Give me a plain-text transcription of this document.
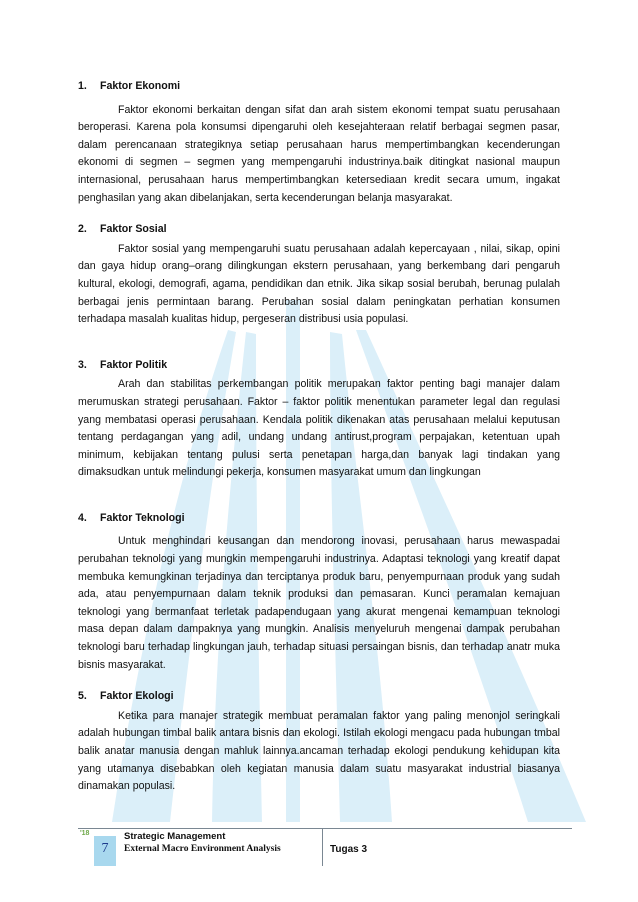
1. Faktor Ekonomi

Faktor ekonomi berkaitan dengan sifat dan arah sistem ekonomi tempat suatu perusahaan beroperasi. Karena pola konsumsi dipengaruhi oleh kesejahteraan relatif berbagai segmen pasar, dalam perencanaan strategiknya setiap perusahaan harus mempertimbangkan kecenderungan ekonomi di segmen – segmen yang mempengaruhi industrinya.baik ditingkat nasional maupun internasional, perusahaan harus mempertimbangkan ketersediaan kredit secara umum, ingakat penghasilan yang akan dibelanjakan, serta kecenderungan belanja masyarakat.

2. Faktor Sosial

Faktor sosial yang mempengaruhi suatu perusahaan adalah kepercayaan , nilai, sikap, opini dan gaya hidup orang–orang dilingkungan ekstern perusahaan, yang berkembang dari pengaruh kultural, ekologi, demografi, agama, pendidikan dan etnik. Jika sikap sosial berubah, berunag pulalah berbagai jenis permintaan barang. Perubahan sosial dalam peningkatan perhatian konsumen terhadapa masalah kualitas hidup, pergeseran distribusi usia populasi.

3. Faktor Politik

Arah dan stabilitas perkembangan politik merupakan faktor penting bagi manajer dalam merumuskan strategi perusahaan. Faktor – faktor politik menentukan parameter legal dan regulasi yang membatasi operasi perusahaan. Kendala politik dikenakan atas perusahaan melalui keputusan tentang perdagangan yang adil, undang undang antirust,program perpajakan, ketentuan upah minimum, kebijakan tentang pulusi serta penetapan harga,dan banyak lagi tindakan yang dimaksudkan untuk melindungi pekerja, konsumen masyarakat umum dan lingkungan

4. Faktor Teknologi

Untuk menghindari keusangan dan mendorong inovasi, perusahaan harus mewaspadai perubahan teknologi yang mungkin mempengaruhi industrinya. Adaptasi teknologi yang kreatif dapat membuka kemungkinan terjadinya dan terciptanya produk baru, penyempurnaan produk yang sudah ada, atau penyempurnaan dalam teknik produksi dan pemasaran. Kunci peramalan kemajuan teknologi yang bermanfaat terletak padapendugaan yang akurat mengenai kemampuan teknologi masa depan dalam dampaknya yang mungkin. Analisis menyeluruh mengenai dampak perubahan teknologi baru terhadap lingkungan jauh, terhadap situasi persaingan bisnis, dan terhadap anatr muka bisnis masyarakat.

5. Faktor Ekologi

Ketika para manajer strategik membuat peramalan faktor yang paling menonjol seringkali adalah hubungan timbal balik antara bisnis dan ekologi. Istilah ekologi mengacu pada hubungan tmbal balik anatar manusia dengan mahluk lainnya.ancaman terhadap ekologi pendukung kehidupan kita yang utamanya disebabkan oleh kegiatan manusia dalam suatu masyarakat industrial biasanya dinamakan populasi.

'18
7
Strategic Management
External Macro Environment Analysis	Tugas 3
